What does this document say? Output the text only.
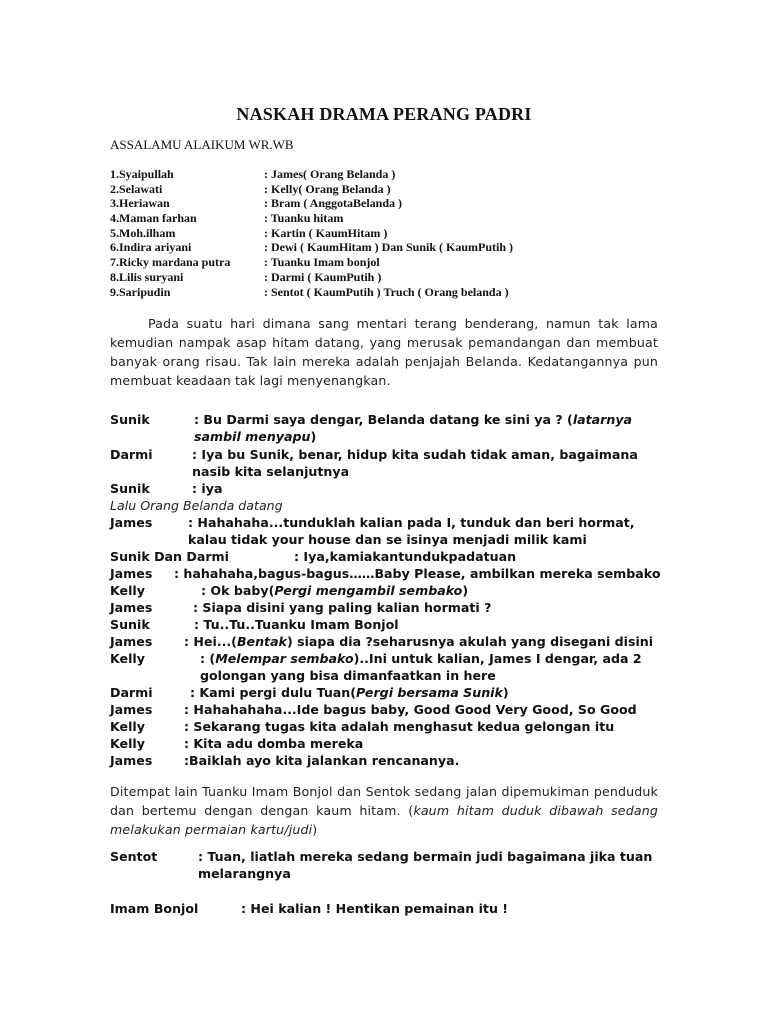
NASKAH DRAMA PERANG PADRI
ASSALAMU ALAIKUM WR.WB
1.Syaipullah	: James( Orang Belanda )
2.Selawati	: Kelly( Orang Belanda )
3.Heriawan	: Bram ( AnggotaBelanda )
4.Maman farhan	: Tuanku hitam
5.Moh.ilham	: Kartin ( KaumHitam )
6.Indira ariyani	: Dewi ( KaumHitam ) Dan Sunik ( KaumPutih )
7.Ricky mardana putra	: Tuanku Imam bonjol
8.Lilis suryani	: Darmi ( KaumPutih )
9.Saripudin	: Sentot ( KaumPutih ) Truch ( Orang belanda )

Pada suatu hari dimana sang mentari terang benderang, namun tak lama kemudian nampak asap hitam datang, yang merusak pemandangan dan membuat banyak orang risau. Tak lain mereka adalah penjajah Belanda. Kedatangannya pun membuat keadaan tak lagi menyenangkan.

Sunik	: Bu Darmi saya dengar, Belanda datang ke sini ya ? (latarnya sambil menyapu)
Darmi	: Iya bu Sunik, benar, hidup kita sudah tidak aman, bagaimana nasib kita selanjutnya
Sunik	: iya
Lalu Orang Belanda datang
James	: Hahahaha...tunduklah kalian pada I, tunduk dan beri hormat, kalau tidak your house dan se isinya menjadi milik kami
Sunik Dan Darmi	: Iya,kamiakantundukpadatuan
James	: hahahaha,bagus-bagus……Baby Please, ambilkan mereka sembako
Kelly	: Ok baby(Pergi mengambil sembako)
James	: Siapa disini yang paling kalian hormati ?
Sunik	: Tu..Tu..Tuanku Imam Bonjol
James	: Hei...(Bentak) siapa dia ?seharusnya akulah yang disegani disini
Kelly	: (Melempar sembako)..Ini untuk kalian, James I dengar, ada 2 golongan yang bisa dimanfaatkan in here
Darmi	: Kami pergi dulu Tuan(Pergi bersama Sunik)
James	: Hahahahaha...Ide bagus baby, Good Good Very Good, So Good
Kelly	: Sekarang tugas kita adalah menghasut kedua gelongan itu
Kelly	: Kita adu domba mereka
James	:Baiklah ayo kita jalankan rencananya.

Ditempat lain Tuanku Imam Bonjol dan Sentok sedang jalan dipemukiman penduduk dan bertemu dengan dengan kaum hitam. (kaum hitam duduk dibawah sedang melakukan permaian kartu/judi)

Sentot	: Tuan, liatlah mereka sedang bermain judi bagaimana jika tuan melarangnya
Imam Bonjol	: Hei kalian ! Hentikan pemainan itu !
